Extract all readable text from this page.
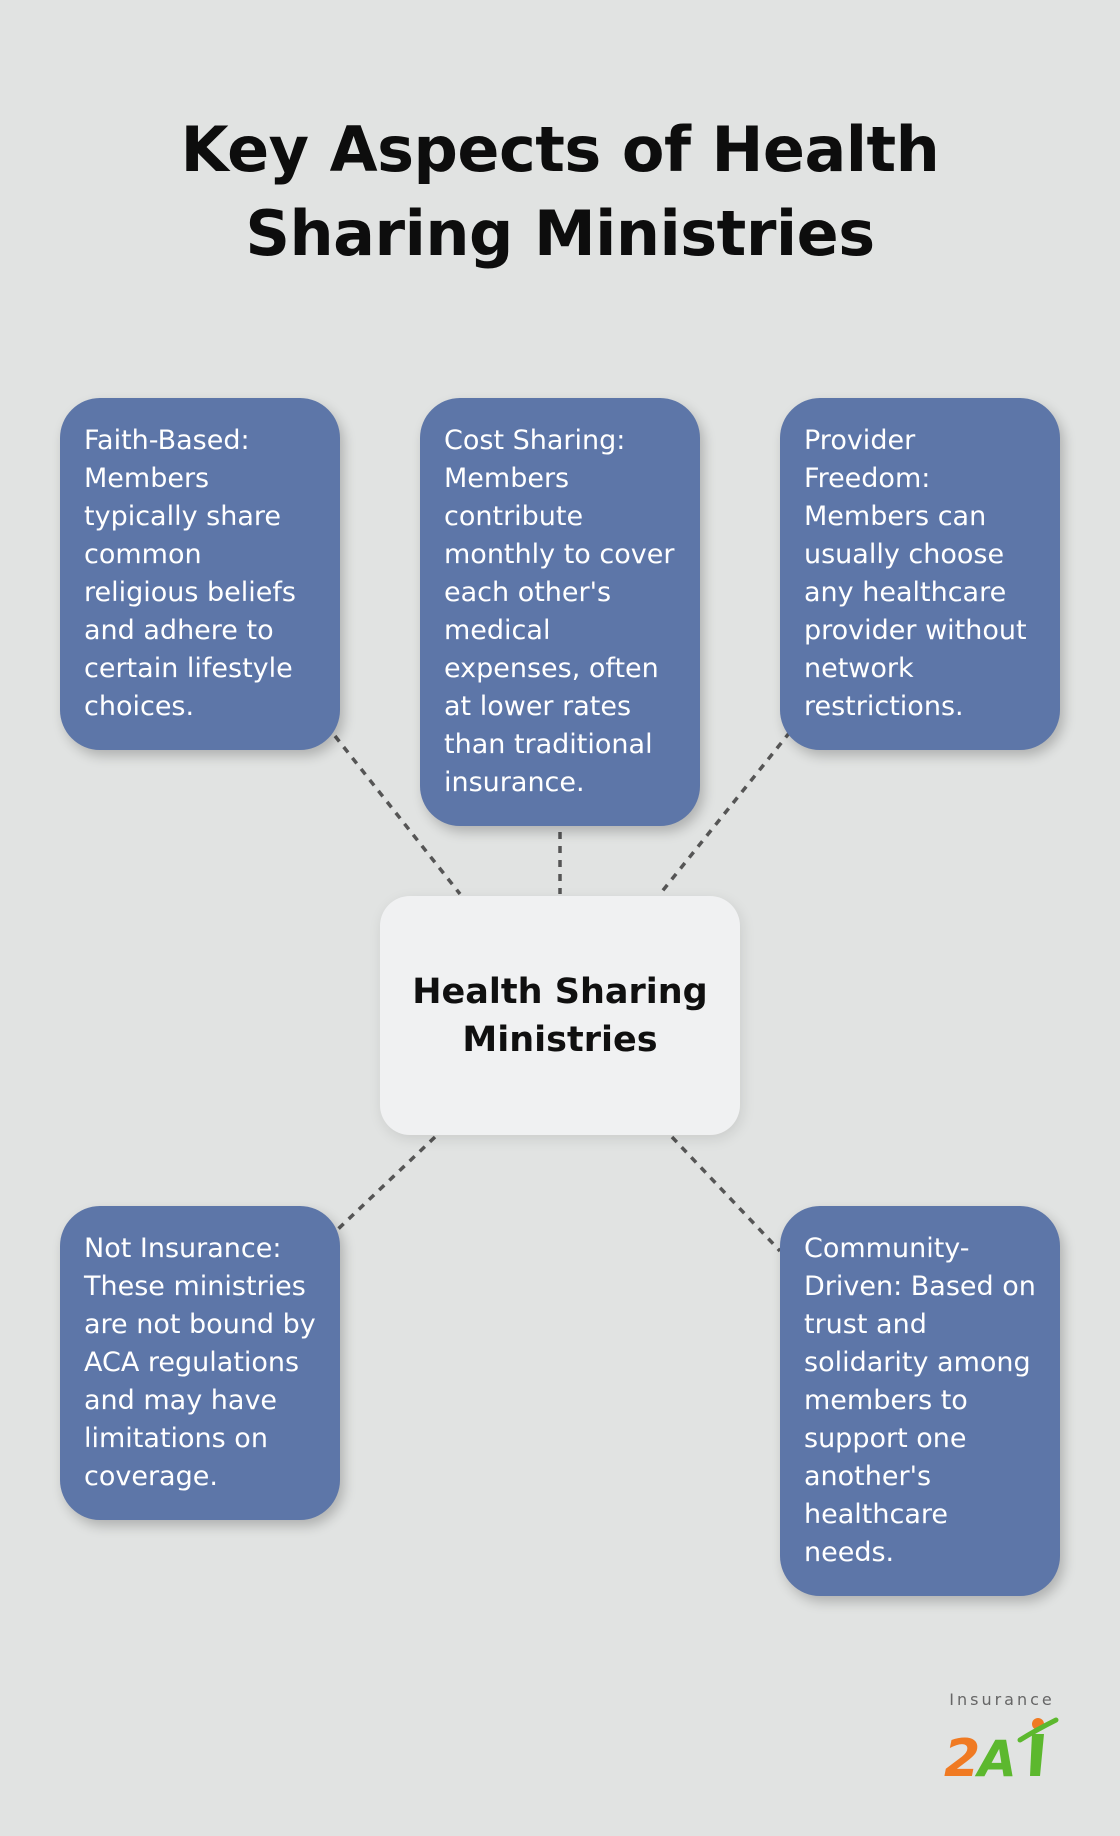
Key Aspects of Health Sharing Ministries
Faith-Based: Members typically share common religious beliefs and adhere to certain lifestyle choices.
Cost Sharing: Members contribute monthly to cover each other's medical expenses, often at lower rates than traditional insurance.
Provider Freedom: Members can usually choose any healthcare provider without network restrictions.
Health Sharing Ministries
Not Insurance: These ministries are not bound by ACA regulations and may have limitations on coverage.
Community-Driven: Based on trust and solidarity among members to support one another's healthcare needs.
Insurance
2
A
